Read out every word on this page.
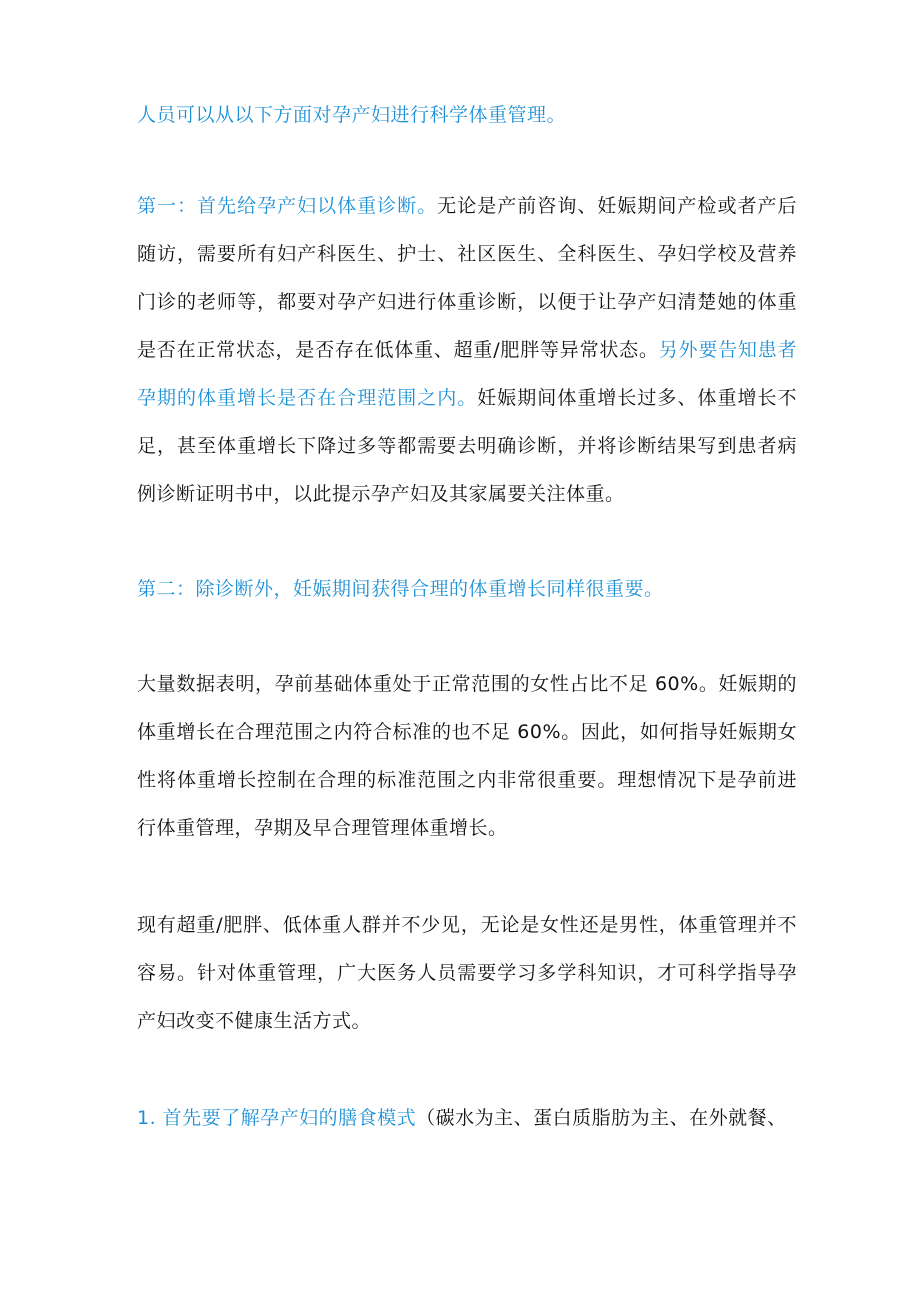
人员可以从以下方面对孕产妇进行科学体重管理。

第一：首先给孕产妇以体重诊断。无论是产前咨询、妊娠期间产检或者产后随访，需要所有妇产科医生、护士、社区医生、全科医生、孕妇学校及营养门诊的老师等，都要对孕产妇进行体重诊断，以便于让孕产妇清楚她的体重是否在正常状态，是否存在低体重、超重/肥胖等异常状态。另外要告知患者孕期的体重增长是否在合理范围之内。妊娠期间体重增长过多、体重增长不足，甚至体重增长下降过多等都需要去明确诊断，并将诊断结果写到患者病例诊断证明书中，以此提示孕产妇及其家属要关注体重。

第二：除诊断外，妊娠期间获得合理的体重增长同样很重要。

大量数据表明，孕前基础体重处于正常范围的女性占比不足 60%。妊娠期的体重增长在合理范围之内符合标准的也不足 60%。因此，如何指导妊娠期女性将体重增长控制在合理的标准范围之内非常很重要。理想情况下是孕前进行体重管理，孕期及早合理管理体重增长。

现有超重/肥胖、低体重人群并不少见，无论是女性还是男性，体重管理并不容易。针对体重管理，广大医务人员需要学习多学科知识，才可科学指导孕产妇改变不健康生活方式。

1. 首先要了解孕产妇的膳食模式（碳水为主、蛋白质脂肪为主、在外就餐、
